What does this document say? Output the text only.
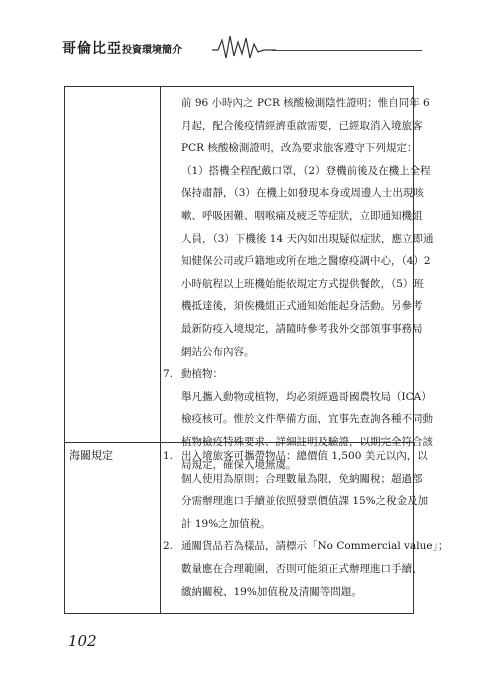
哥倫比亞投資環境簡介
前 96 小時內之 PCR 核酸檢測陰性證明；惟自同年 6
月起，配合後疫情經濟重啟需要，已經取消入境旅客
PCR 核酸檢測證明，改為要求旅客遵守下列規定：
（1）搭機全程配戴口罩，（2）登機前後及在機上全程
保持肅靜，（3）在機上如發現本身或周邊人士出現咳
嗽、呼吸困難、咽喉痛及疲乏等症狀，立即通知機組
人員，（3）下機後 14 天內如出現疑似症狀，應立即通
知健保公司或戶籍地或所在地之醫療疫調中心，（4）2
小時航程以上班機始能依規定方式提供餐飲，（5）班
機抵達後，須俟機組正式通知始能起身活動。另參考
最新防疫入境規定，請隨時參考我外交部領事事務局
網站公布內容。
7. 動植物：
舉凡攜入動物或植物，均必須經過哥國農牧局（ICA）
檢疫核可。惟於文件準備方面，宜事先查詢各種不同動
植物檢疫特殊要求、詳細註明及驗證，以期完全符合該
局規定，確保入境無虞。
海關規定	1. 出入境旅客可攜帶物品：總價值 1,500 美元以內，以
個人使用為原則；合理數量為限，免納關稅；超過部
分需辦理進口手續並依照發票價值課 15%之稅金及加
計 19%之加值稅。
2. 通關貨品若為樣品，請標示「No Commercial value」；
數量應在合理範圍，否則可能須正式辦理進口手續、
繳納關稅、19%加值稅及清關等問題。
102
